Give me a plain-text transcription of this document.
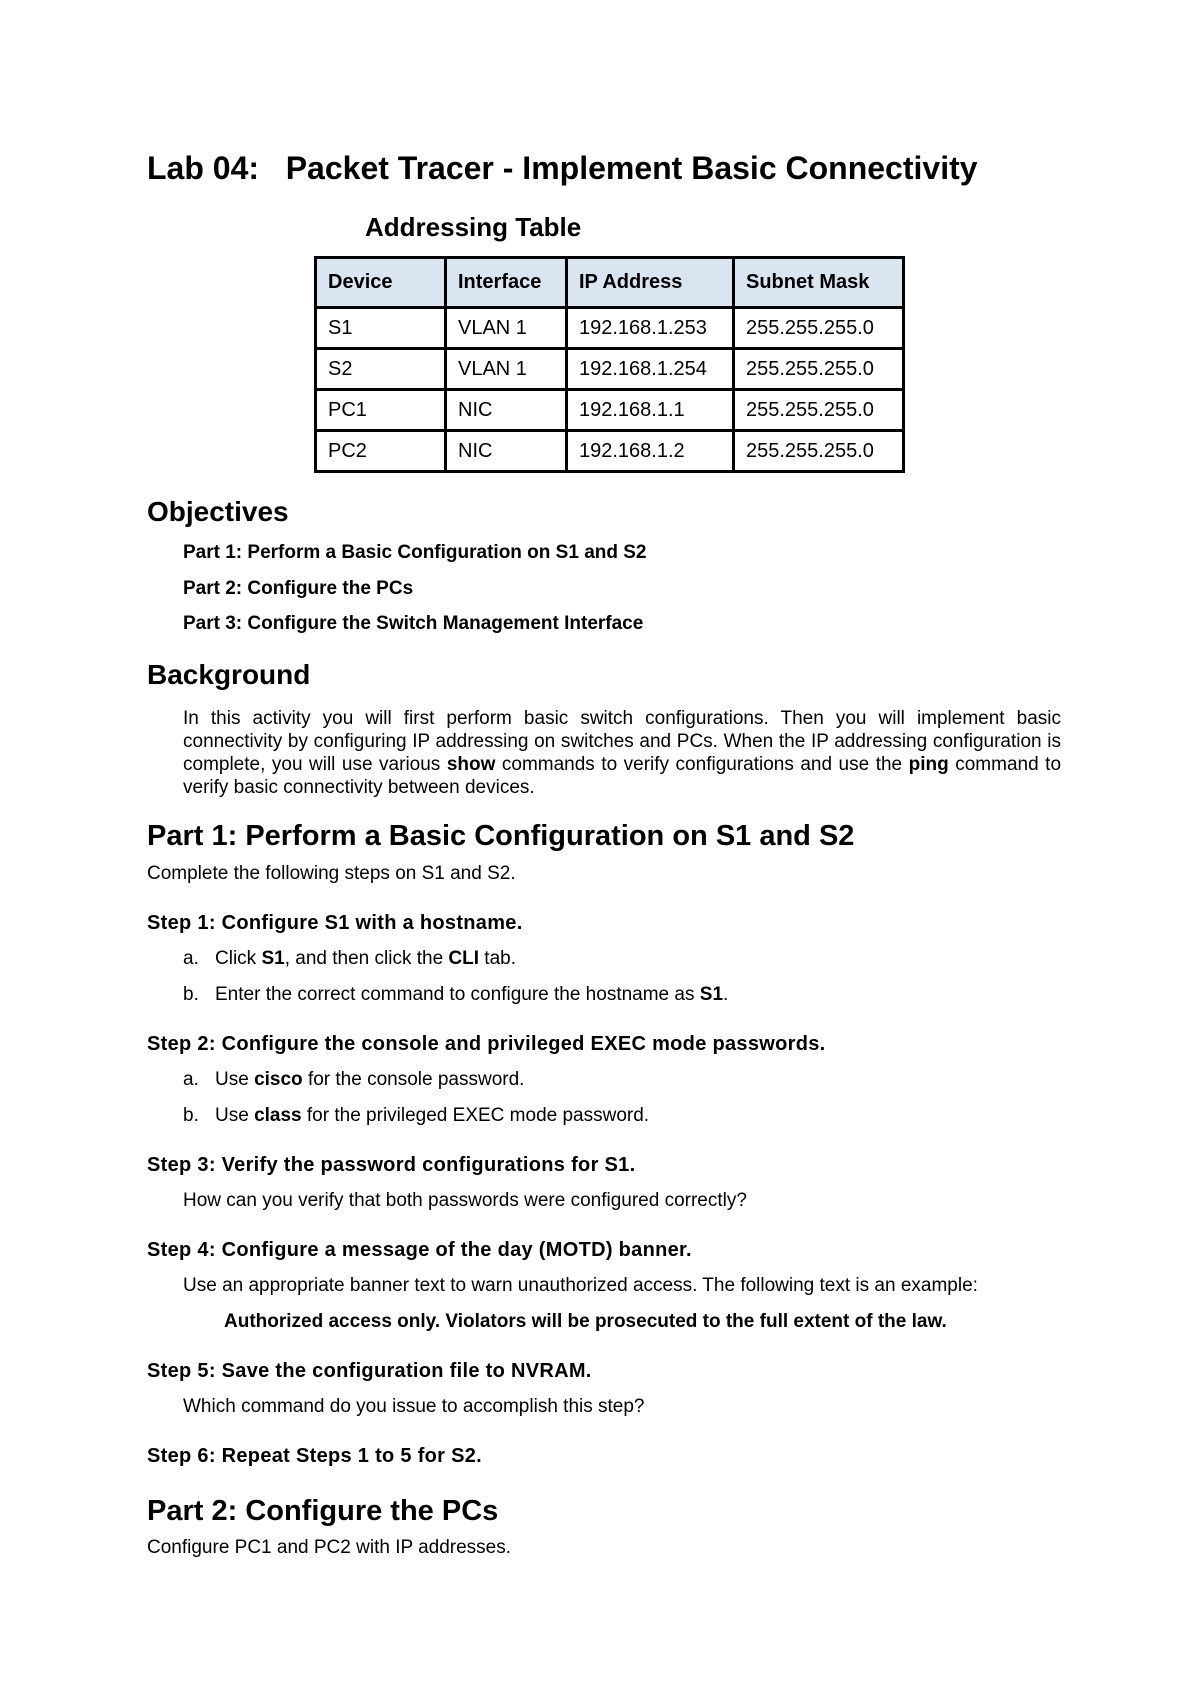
Lab 04:   Packet Tracer - Implement Basic Connectivity

Addressing Table

Device	Interface	IP Address	Subnet Mask
S1	VLAN 1	192.168.1.253	255.255.255.0
S2	VLAN 1	192.168.1.254	255.255.255.0
PC1	NIC	192.168.1.1	255.255.255.0
PC2	NIC	192.168.1.2	255.255.255.0

Objectives

Part 1: Perform a Basic Configuration on S1 and S2

Part 2: Configure the PCs

Part 3: Configure the Switch Management Interface

Background

In this activity you will first perform basic switch configurations. Then you will implement basic connectivity by configuring IP addressing on switches and PCs. When the IP addressing configuration is complete, you will use various show commands to verify configurations and use the ping command to verify basic connectivity between devices.

Part 1: Perform a Basic Configuration on S1 and S2

Complete the following steps on S1 and S2.

Step 1: Configure S1 with a hostname.

a. Click S1, and then click the CLI tab.

b. Enter the correct command to configure the hostname as S1.

Step 2: Configure the console and privileged EXEC mode passwords.

a. Use cisco for the console password.

b. Use class for the privileged EXEC mode password.

Step 3: Verify the password configurations for S1.

How can you verify that both passwords were configured correctly?

Step 4: Configure a message of the day (MOTD) banner.

Use an appropriate banner text to warn unauthorized access. The following text is an example:

Authorized access only. Violators will be prosecuted to the full extent of the law.

Step 5: Save the configuration file to NVRAM.

Which command do you issue to accomplish this step?

Step 6: Repeat Steps 1 to 5 for S2.

Part 2: Configure the PCs

Configure PC1 and PC2 with IP addresses.
